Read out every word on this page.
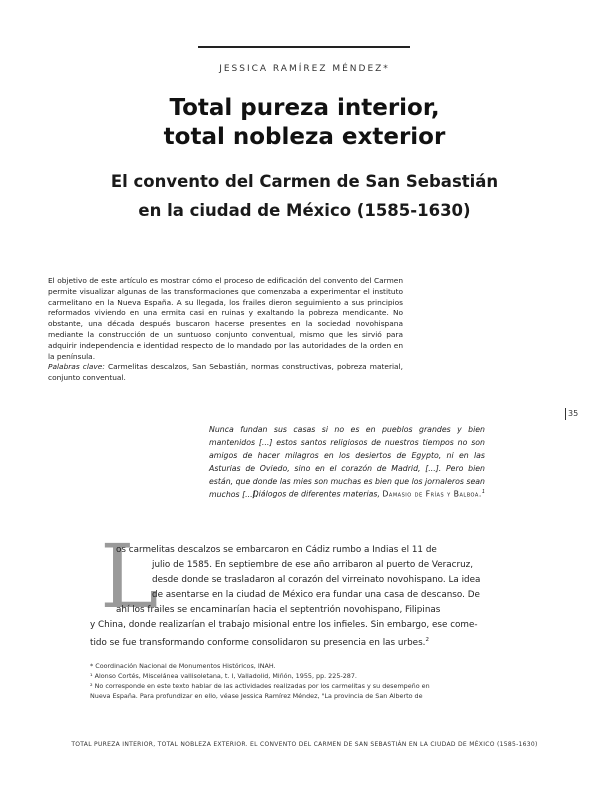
JESSICA RAMÍREZ MÉNDEZ*
Total pureza interior,
total nobleza exterior
El convento del Carmen de San Sebastián
en la ciudad de México (1585-1630)

El objetivo de este artículo es mostrar cómo el proceso de edificación del convento del Carmen permite visualizar algunas de las transformaciones que comenzaba a experimentar el instituto carmelitano en la Nueva España. A su llegada, los frailes dieron seguimiento a sus principios reformados viviendo en una ermita casi en ruinas y exaltando la pobreza mendicante. No obstante, una década después buscaron hacerse presentes en la sociedad novohispana mediante la construcción de un suntuoso conjunto conventual, mismo que les sirvió para adquirir independencia e identidad respecto de lo mandado por las autoridades de la orden en la península.

Palabras clave: Carmelitas descalzos, San Sebastián, normas constructivas, pobreza material, conjunto conventual.

35
Nunca fundan sus casas si no es en pueblos grandes y bien mantenidos [...] estos santos religiosos de nuestros tiempos no son amigos de hacer milagros en los desiertos de Egypto, ni en las Asturias de Oviedo, sino en el corazón de Madrid, [...]. Pero bien están, que donde las mies son muchas es bien que los jornaleros sean muchos [...].
Diálogos de diferentes materias, Damasio de Frías y Balboa.$^1$
L
os carmelitas descalzos se embarcaron en Cádiz rumbo a Indias el 11 de
julio de 1585. En septiembre de ese año arribaron al puerto de Veracruz,
desde donde se trasladaron al corazón del virreinato novohispano. La idea
de asentarse en la ciudad de México era fundar una casa de descanso. De
ahí los frailes se encaminarían hacia el septentrión novohispano, Filipinas
y China, donde realizarían el trabajo misional entre los infieles. Sin embargo, ese come-
tido se fue transformando conforme consolidaron su presencia en las urbes.$^2$

* Coordinación Nacional de Monumentos Históricos, INAH.

¹ Alonso Cortés, Miscelánea vallisoletana, t. I, Valladolid, Miñón, 1955, pp. 225-287.

² No corresponde en este texto hablar de las actividades realizadas por los carmelitas y su desempeño en

Nueva España. Para profundizar en ello, véase Jessica Ramírez Méndez, "La provincia de San Alberto de

TOTAL PUREZA INTERIOR, TOTAL NOBLEZA EXTERIOR. EL CONVENTO DEL CARMEN DE SAN SEBASTIÁN EN LA CIUDAD DE MÉXICO (1585-1630)
